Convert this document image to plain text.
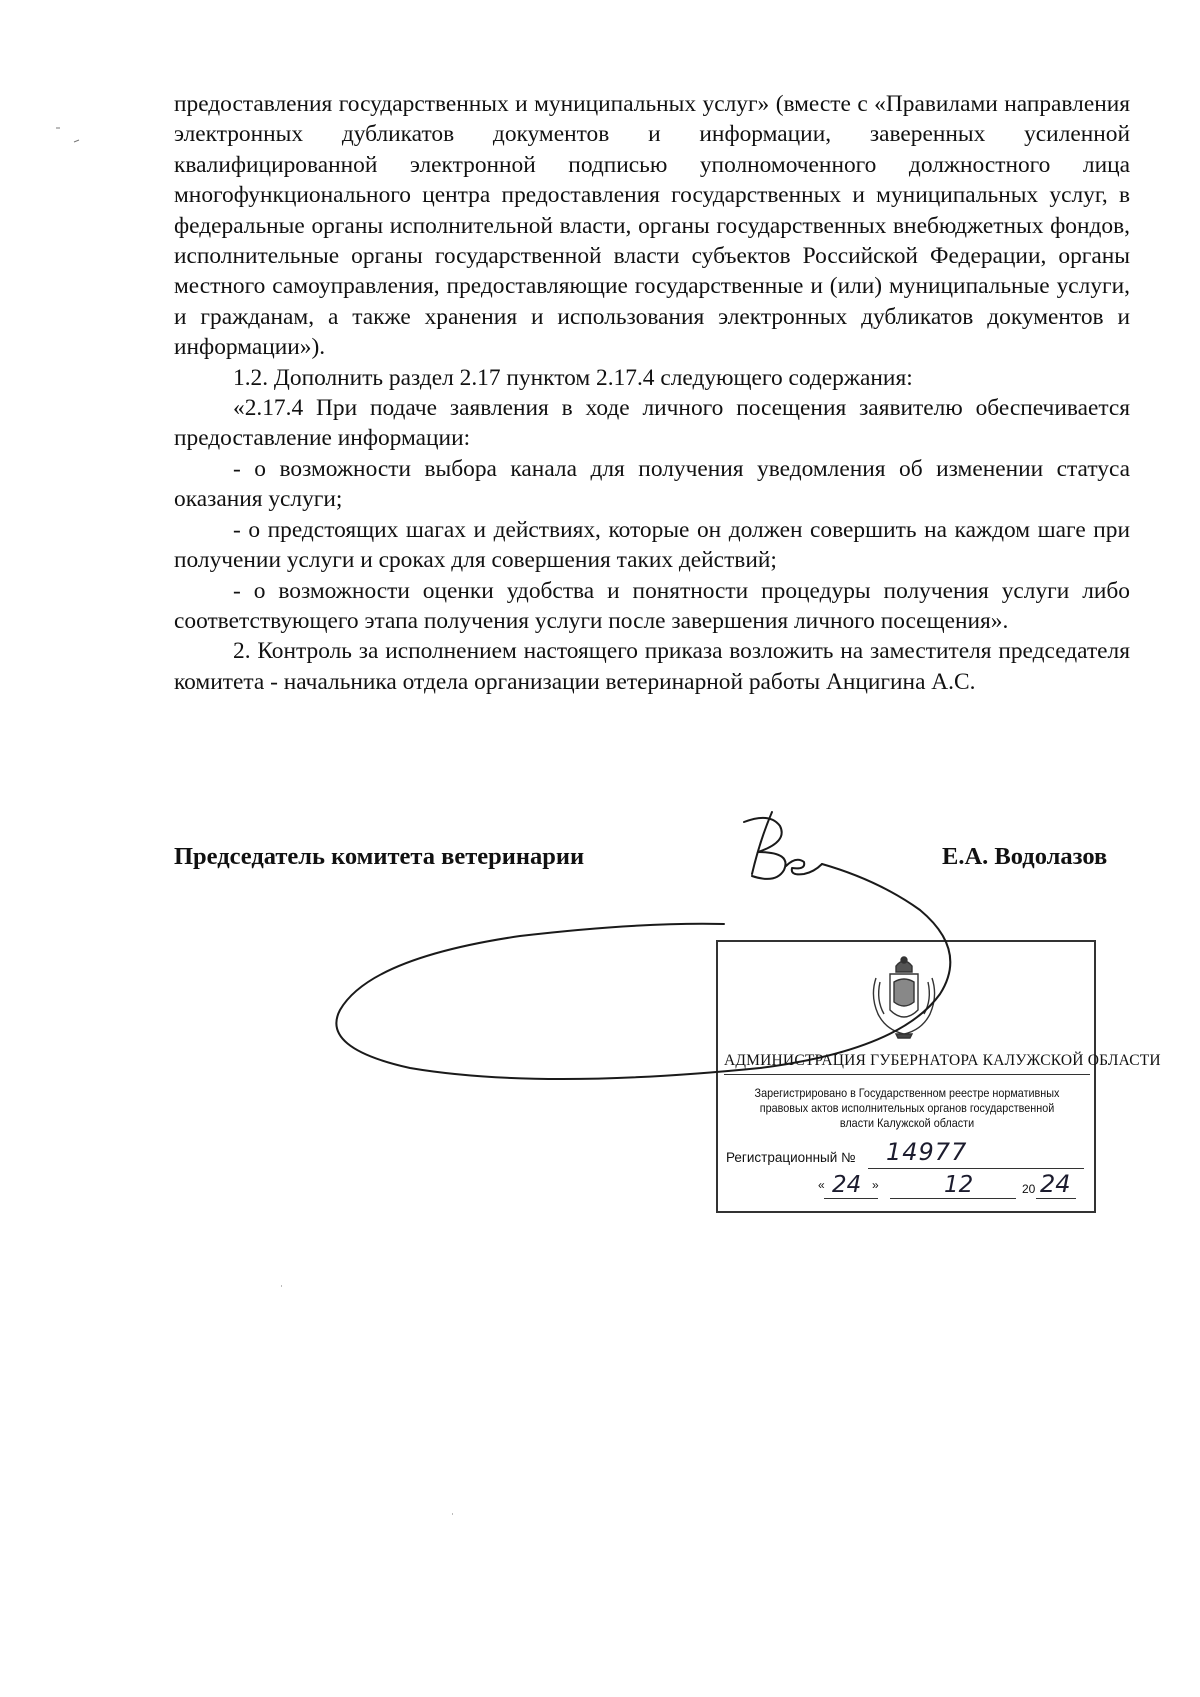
предоставления государственных и муниципальных услуг» (вместе с «Правилами направления электронных дубликатов документов и информации, заверенных усиленной квалифицированной электронной подписью уполномоченного должностного лица многофункционального центра предоставления государственных и муниципальных услуг, в федеральные органы исполнительной власти, органы государственных внебюджетных фондов, исполнительные органы государственной власти субъектов Российской Федерации, органы местного самоуправления, предоставляющие государственные и (или) муниципальные услуги, и гражданам, а также хранения и использования электронных дубликатов документов и информации»).

1.2. Дополнить раздел 2.17 пунктом 2.17.4 следующего содержания:

«2.17.4 При подаче заявления в ходе личного посещения заявителю обеспечивается предоставление информации:

- о возможности выбора канала для получения уведомления об изменении статуса оказания услуги;

- о предстоящих шагах и действиях, которые он должен совершить на каждом шаге при получении услуги и сроках для совершения таких действий;

- о возможности оценки удобства и понятности процедуры получения услуги либо соответствующего этапа получения услуги после завершения личного посещения».

2. Контроль за исполнением настоящего приказа возложить на заместителя председателя комитета - начальника отдела организации ветеринарной работы Анцигина А.С.

Председатель комитета ветеринарии	Е.А. Водолазов
АДМИНИСТРАЦИЯ ГУБЕРНАТОРА КАЛУЖСКОЙ ОБЛАСТИ
Зарегистрировано в Государственном реестре нормативных правовых актов исполнительных органов государственной власти Калужской области
Регистрационный № 14977
« 24 »	12	20 24
